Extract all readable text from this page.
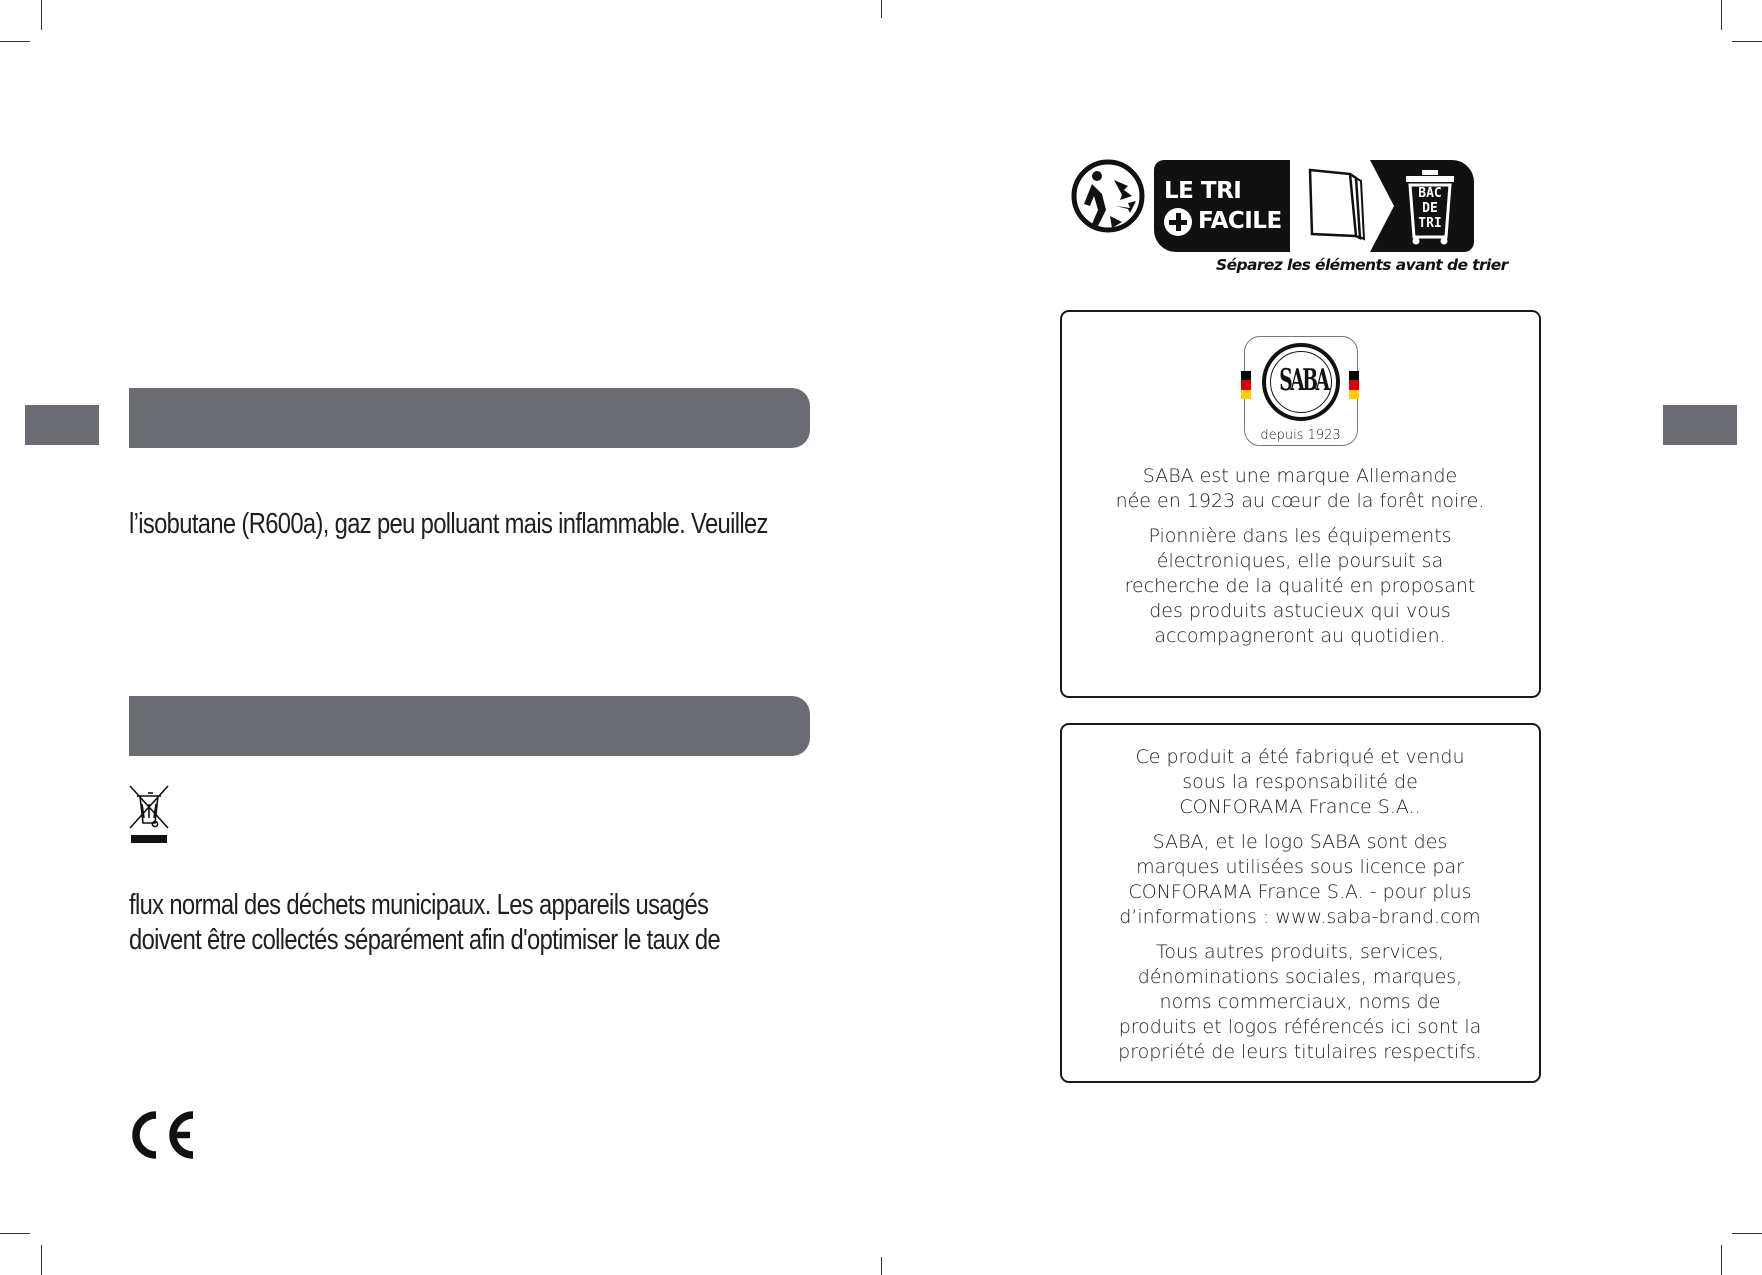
l’isobutane (R600a), gaz peu polluant mais inflammable. Veuillez
flux normal des déchets municipaux. Les appareils usagés
doivent être collectés séparément afin d'optimiser le taux de
LE TRI
FACILE
BAC
DE
TRI
Séparez les éléments avant de trier
SABA
depuis 1923

SABA est une marque Allemande
née en 1923 au cœur de la forêt noire.

Pionnière dans les équipements
électroniques, elle poursuit sa
recherche de la qualité en proposant
des produits astucieux qui vous
accompagneront au quotidien.

Ce produit a été fabriqué et vendu
sous la responsabilité de
CONFORAMA France S.A..

SABA, et le logo SABA sont des
marques utilisées sous licence par
CONFORAMA France S.A. - pour plus
d’informations : www.saba-brand.com

Tous autres produits, services,
dénominations sociales, marques,
noms commerciaux, noms de
produits et logos référencés ici sont la
propriété de leurs titulaires respectifs.
